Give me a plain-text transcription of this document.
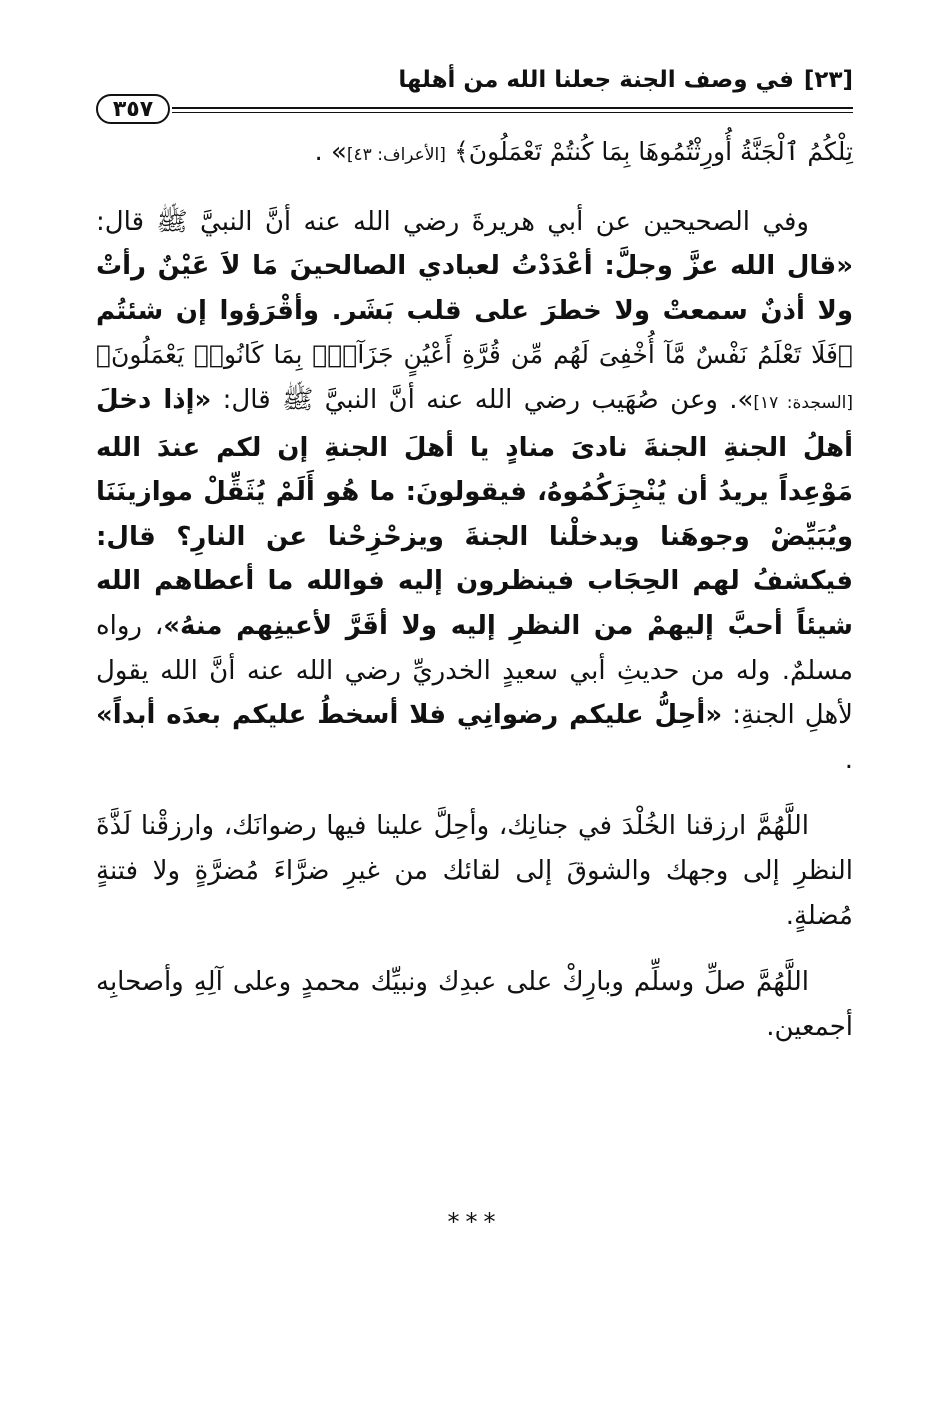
[٢٣]
في وصف الجنة جعلنا الله من أهلها
٣٥٧

تِلْكُمُ ٱلْجَنَّةُ أُورِثْتُمُوهَا بِمَا كُنتُمْ تَعْمَلُونَ﴾ [الأعراف: ٤٣]» .

وفي الصحيحين عن أبي هريرةَ رضي الله عنه أنَّ النبيَّ ﷺ قال: «قال الله عزَّ وجلَّ: أعْدَدْتُ لعبادي الصالحينَ مَا لاَ عَيْنٌ رأتْ ولا أذنٌ سمعتْ ولا خطرَ على قلب بَشَر. وأقْرَؤوا إن شئتُم ﴿فَلَا تَعْلَمُ نَفْسٌ مَّآ أُخْفِىَ لَهُم مِّن قُرَّةِ أَعْيُنٍ جَزَآءًۢ بِمَا كَانُوا۟ يَعْمَلُونَ﴾ [السجدة: ١٧]». وعن صُهَيب رضي الله عنه أنَّ النبيَّ ﷺ قال: «إذا دخلَ أهلُ الجنةِ الجنةَ نادىَ منادٍ يا أهلَ الجنةِ إن لكم عندَ الله مَوْعِداً يريدُ أن يُنْجِزَكُمُوهُ، فيقولونَ: ما هُو أَلَمْ يُثَقِّلْ موازينَنَا ويُبَيِّضْ وجوهَنا ويدخلْنا الجنةَ ويزحْزِحْنا عن النارِ؟ قال: فيكشفُ لهم الحِجَاب فينظرون إليه فوالله ما أعطاهم الله شيئاً أحبَّ إليهمْ من النظرِ إليه ولا أقَرَّ لأعينِهم منهُ»، رواه مسلمٌ. وله من حديثِ أبي سعيدٍ الخدريِّ رضي الله عنه أنَّ الله يقول لأهلِ الجنةِ: «أحِلُّ عليكم رضوانِي فلا أسخطُ عليكم بعدَه أبداً» .

اللَّهُمَّ ارزقنا الخُلْدَ في جنانِك، وأحِلَّ علينا فيها رضوانَك، وارزقْنا لَذَّةَ النظرِ إلى وجهك والشوقَ إلى لقائك من غيرِ ضرَّاءَ مُضرَّةٍ ولا فتنةٍ مُضلةٍ.

اللَّهُمَّ صلِّ وسلِّم وبارِكْ على عبدِك ونبيِّك محمدٍ وعلى آلِهِ وأصحابِه أجمعين.

***
